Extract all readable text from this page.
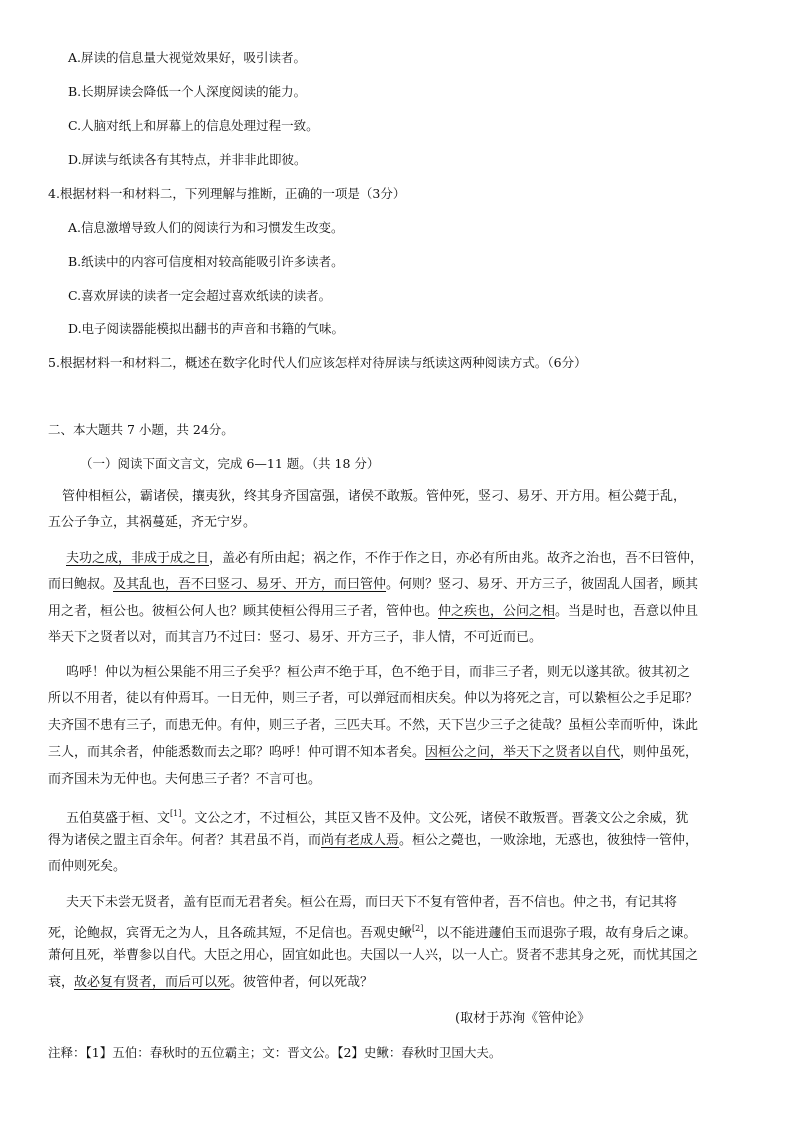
A.屏读的信息量大视觉效果好，吸引读者。
B.长期屏读会降低一个人深度阅读的能力。
C.人脑对纸上和屏幕上的信息处理过程一致。
D.屏读与纸读各有其特点，并非非此即彼。
4.根据材料一和材料二，下列理解与推断，正确的一项是（3分）
A.信息激增导致人们的阅读行为和习惯发生改变。
B.纸读中的内容可信度相对较高能吸引许多读者。
C.喜欢屏读的读者一定会超过喜欢纸读的读者。
D.电子阅读器能模拟出翻书的声音和书籍的气味。
5.根据材料一和材料二，概述在数字化时代人们应该怎样对待屏读与纸读这两种阅读方式。（6分）
二、本大题共 7 小题，共 24分。
（一）阅读下面文言文，完成 6—11 题。（共 18 分）
管仲相桓公，霸诸侯，攘夷狄，终其身齐国富强，诸侯不敢叛。管仲死，竖刁、易牙、开方用。桓公薨于乱，
五公子争立，其祸蔓延，齐无宁岁。
夫功之成，非成于成之日，盖必有所由起；祸之作，不作于作之日，亦必有所由兆。故齐之治也，吾不曰管仲，
而曰鲍叔。及其乱也，吾不曰竖刁、易牙、开方，而曰管仲。何则？竖刁、易牙、开方三子，彼固乱人国者，顾其
用之者，桓公也。彼桓公何人也？顾其使桓公得用三子者，管仲也。仲之疾也，公问之相。当是时也，吾意以仲且
举天下之贤者以对，而其言乃不过曰：竖刁、易牙、开方三子，非人情，不可近而已。
呜呼！仲以为桓公果能不用三子矣乎？桓公声不绝于耳，色不绝于目，而非三子者，则无以遂其欲。彼其初之
所以不用者，徒以有仲焉耳。一日无仲，则三子者，可以弹冠而相庆矣。仲以为将死之言，可以絷桓公之手足耶？
夫齐国不患有三子，而患无仲。有仲，则三子者，三匹夫耳。不然，天下岂少三子之徒哉？虽桓公幸而听仲，诛此
三人，而其余者，仲能悉数而去之耶？呜呼！仲可谓不知本者矣。因桓公之问，举天下之贤者以自代，则仲虽死，
而齐国未为无仲也。夫何患三子者？不言可也。
五伯莫盛于桓、文[1]。文公之才，不过桓公，其臣又皆不及仲。文公死，诸侯不敢叛晋。晋袭文公之余威，犹
得为诸侯之盟主百余年。何者？其君虽不肖，而尚有老成人焉。桓公之薨也，一败涂地，无惑也，彼独恃一管仲，
而仲则死矣。
夫天下未尝无贤者，盖有臣而无君者矣。桓公在焉，而曰天下不复有管仲者，吾不信也。仲之书，有记其将
死，论鲍叔，宾胥无之为人，且各疏其短，不足信也。吾观史鳅[2]，以不能进蘧伯玉而退弥子瑕，故有身后之谏。
萧何且死，举曹参以自代。大臣之用心，固宜如此也。夫国以一人兴，以一人亡。贤者不悲其身之死，而忧其国之
衰，故必复有贤者，而后可以死。彼管仲者，何以死哉？
(取材于苏洵《管仲论》
注释：【1】五伯：春秋时的五位霸主；文：晋文公。【2】史鳅：春秋时卫国大夫。
